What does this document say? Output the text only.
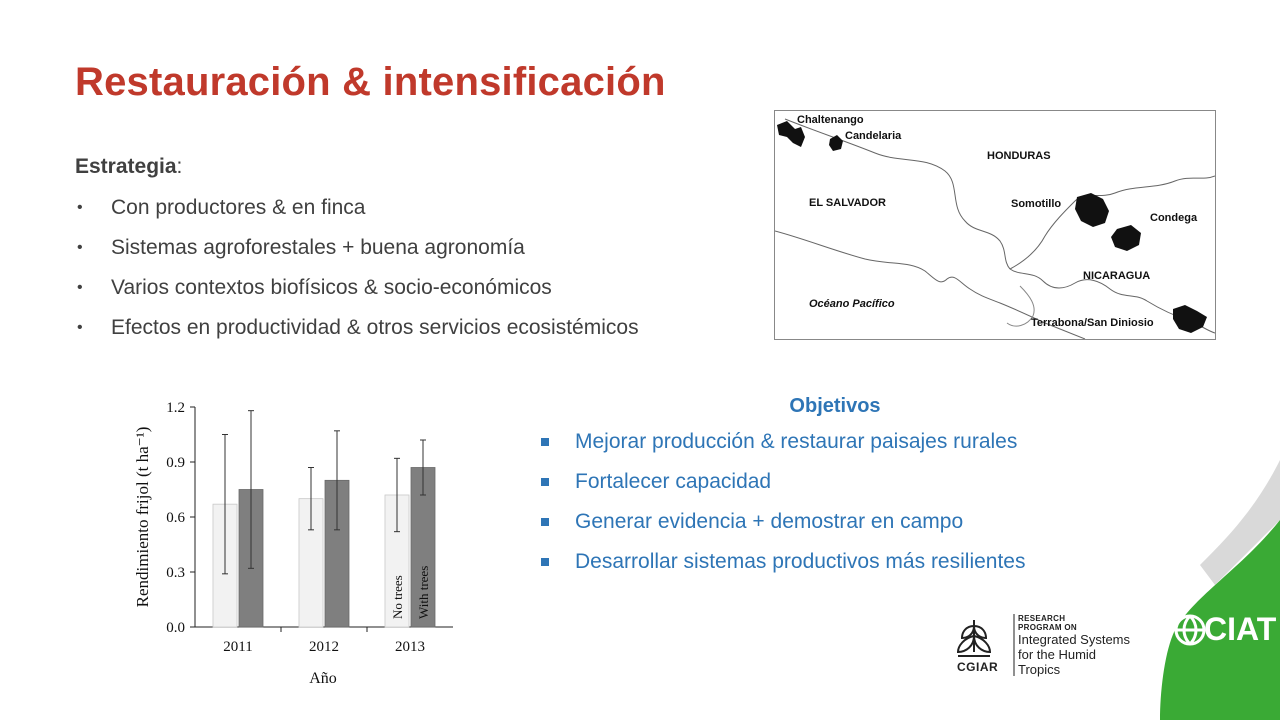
Restauración & intensificación
Estrategia:
• Con productores & en finca
• Sistemas agroforestales + buena agronomía
• Varios contextos biofísicos & socio-económicos
• Efectos en productividad & otros servicios ecosistémicos
Chaltenango
Candelaria
HONDURAS
EL SALVADOR	Somotillo
Condega
NICARAGUA
Océano Pacífico
Terrabona/San Diniosio
Rendimiento frijol (t ha⁻¹)
Año
0.0
0.3
0.6
0.9
1.2
2011	2012	2013
No trees With trees
Objetivos
Mejorar producción & restaurar paisajes rurales
Fortalecer capacidad
Generar evidencia + demostrar en campo
Desarrollar sistemas productivos más resilientes
CGIAR
RESEARCH
PROGRAM ON
Integrated Systems
for the Humid
Tropics
CIAT
